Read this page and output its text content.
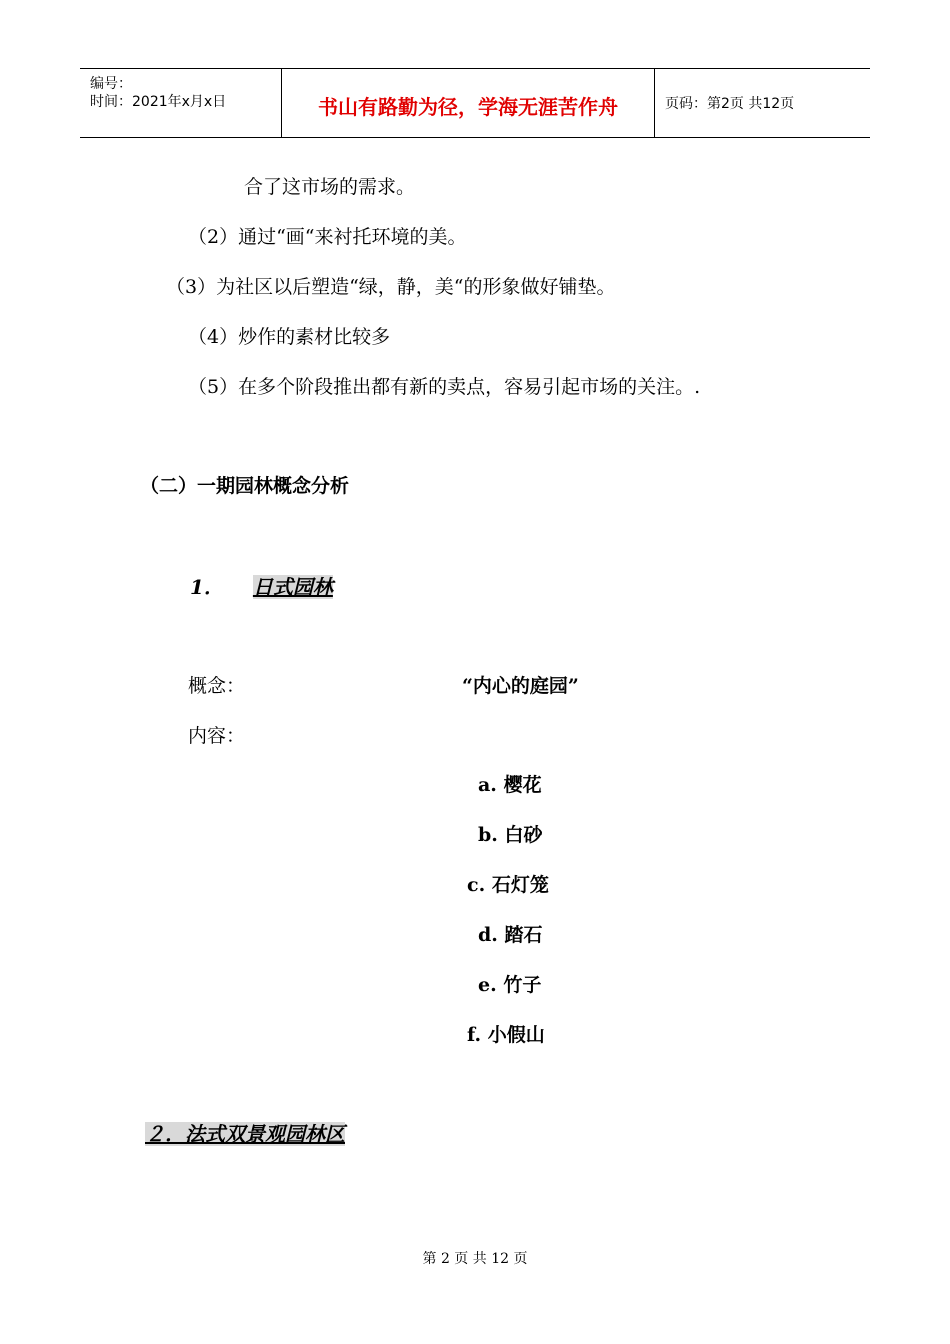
编号：
时间：2021年x月x日	书山有路勤为径，学海无涯苦作舟	页码：第2页 共12页
合了这市场的需求。
（2）通过“画“来衬托环境的美。
（3）为社区以后塑造“绿，静，美“的形象做好铺垫。
（4）炒作的素材比较多
（5）在多个阶段推出都有新的卖点，容易引起市场的关注。.
（二）一期园林概念分析
1． 日式园林
概念：	“内心的庭园”
内容：
a. 樱花
b. 白砂
c. 石灯笼
d. 踏石
e. 竹子
f. 小假山
２．法式双景观园林区
第 2 页 共 12 页
